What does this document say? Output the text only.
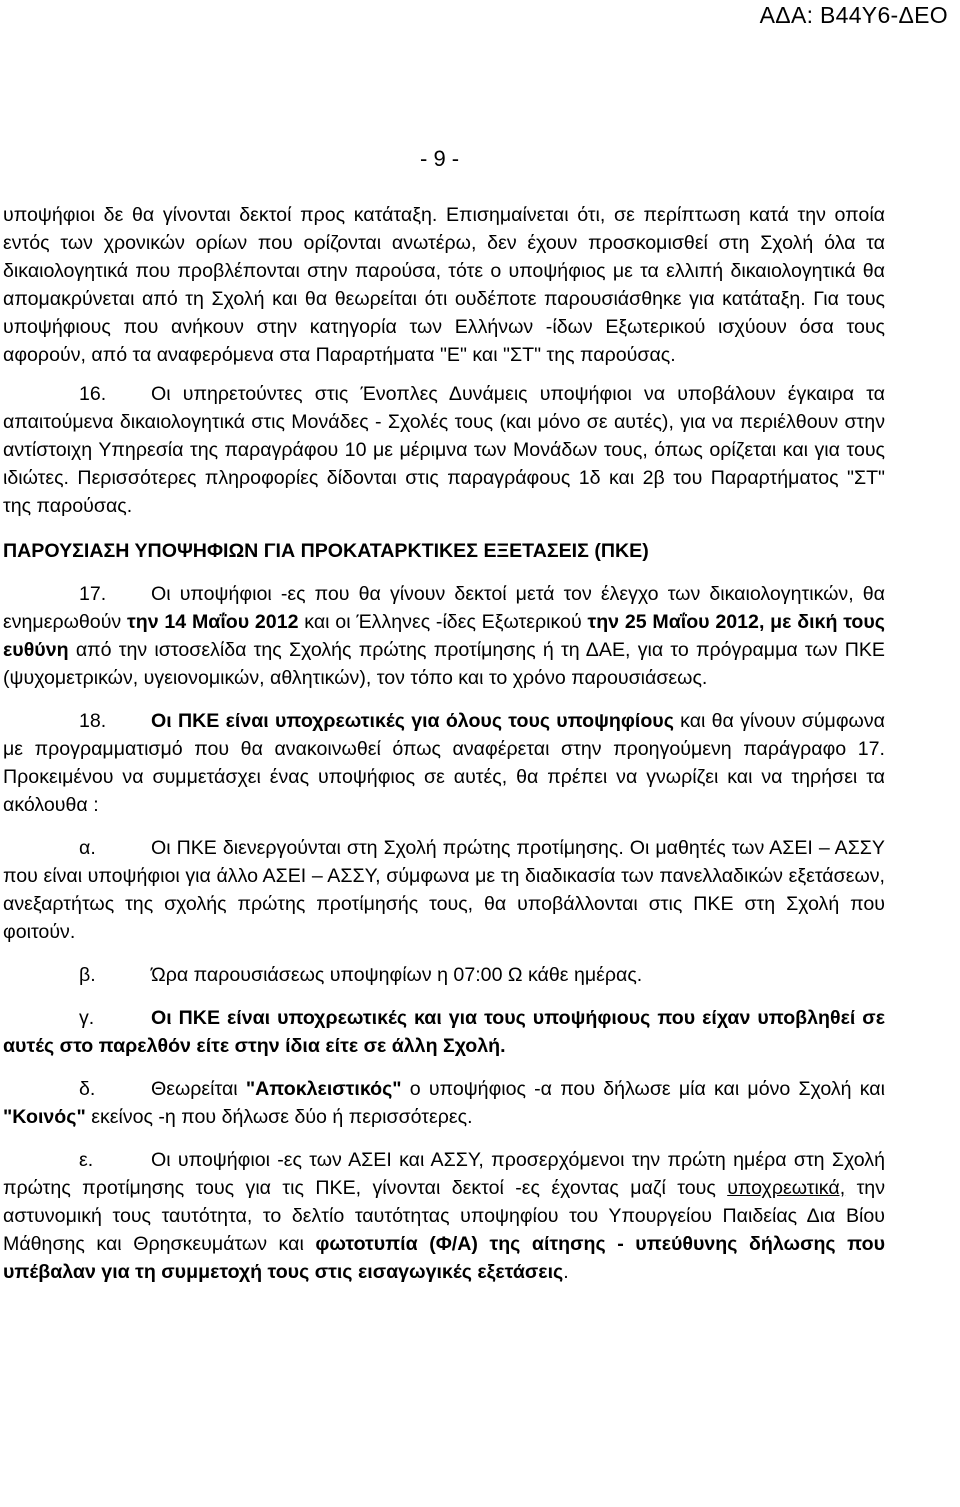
ΑΔΑ: Β44Υ6-ΔΕΟ
- 9 -

υποψήφιοι δε θα γίνονται δεκτοί προς κατάταξη. Επισημαίνεται ότι, σε περίπτωση κατά την οποία εντός των χρονικών ορίων που ορίζονται ανωτέρω, δεν έχουν προσκομισθεί στη Σχολή όλα τα δικαιολογητικά που προβλέπονται στην παρούσα, τότε ο υποψήφιος με τα ελλιπή δικαιολογητικά θα απομακρύνεται από τη Σχολή και θα θεωρείται ότι ουδέποτε παρουσιάσθηκε για κατάταξη. Για τους υποψήφιους που ανήκουν στην κατηγορία των Ελλήνων -ίδων Εξωτερικού ισχύουν όσα τους αφορούν, από τα αναφερόμενα στα Παραρτήματα "Ε" και "ΣΤ" της παρούσας.

16. Οι υπηρετούντες στις Ένοπλες Δυνάμεις υποψήφιοι να υποβάλουν έγκαιρα τα απαιτούμενα δικαιολογητικά στις Μονάδες - Σχολές τους (και μόνο σε αυτές), για να περιέλθουν στην αντίστοιχη Υπηρεσία της παραγράφου 10 με μέριμνα των Μονάδων τους, όπως ορίζεται και για τους ιδιώτες. Περισσότερες πληροφορίες δίδονται στις παραγράφους 1δ και 2β του Παραρτήματος "ΣΤ" της παρούσας.

ΠΑΡΟΥΣΙΑΣΗ ΥΠΟΨΗΦΙΩΝ ΓΙΑ ΠΡΟΚΑΤΑΡΚΤΙΚΕΣ ΕΞΕΤΑΣΕΙΣ (ΠΚΕ)

17. Οι υποψήφιοι -ες που θα γίνουν δεκτοί μετά τον έλεγχο των δικαιολογητικών, θα ενημερωθούν την 14 Μαΐου 2012 και οι Έλληνες -ίδες Εξωτερικού την 25 Μαΐου 2012, με δική τους ευθύνη από την ιστοσελίδα της Σχολής πρώτης προτίμησης ή τη ΔΑΕ, για το πρόγραμμα των ΠΚΕ (ψυχομετρικών, υγειονομικών, αθλητικών), τον τόπο και το χρόνο παρουσιάσεως.

18. Οι ΠΚΕ είναι υποχρεωτικές για όλους τους υποψηφίους και θα γίνουν σύμφωνα με προγραμματισμό που θα ανακοινωθεί όπως αναφέρεται στην προηγούμενη παράγραφο 17. Προκειμένου να συμμετάσχει ένας υποψήφιος σε αυτές, θα πρέπει να γνωρίζει και να τηρήσει τα ακόλουθα :

α.	Οι ΠΚΕ διενεργούνται στη Σχολή πρώτης προτίμησης. Οι μαθητές των ΑΣΕΙ – ΑΣΣΥ που είναι υποψήφιοι για άλλο ΑΣΕΙ – ΑΣΣΥ, σύμφωνα με τη διαδικασία των πανελλαδικών εξετάσεων, ανεξαρτήτως της σχολής πρώτης προτίμησής τους, θα υποβάλλονται στις ΠΚΕ στη Σχολή που φοιτούν.

β.	Ώρα παρουσιάσεως υποψηφίων η 07:00 Ω κάθε ημέρας.

γ.	Οι ΠΚΕ είναι υποχρεωτικές και για τους υποψήφιους που είχαν υποβληθεί σε αυτές στο παρελθόν είτε στην ίδια είτε σε άλλη Σχολή.

δ.	Θεωρείται "Αποκλειστικός" ο υποψήφιος -α που δήλωσε μία και μόνο Σχολή και "Κοινός" εκείνος -η που δήλωσε δύο ή περισσότερες.

ε.	Οι υποψήφιοι -ες των ΑΣΕΙ και ΑΣΣΥ, προσερχόμενοι την πρώτη ημέρα στη Σχολή πρώτης προτίμησης τους για τις ΠΚΕ, γίνονται δεκτοί -ες έχοντας μαζί τους υποχρεωτικά, την αστυνομική τους ταυτότητα, το δελτίο ταυτότητας υποψηφίου του Υπουργείου Παιδείας Δια Βίου Μάθησης και Θρησκευμάτων και φωτοτυπία (Φ/Α) της αίτησης - υπεύθυνης δήλωσης που υπέβαλαν για τη συμμετοχή τους στις εισαγωγικές εξετάσεις.
